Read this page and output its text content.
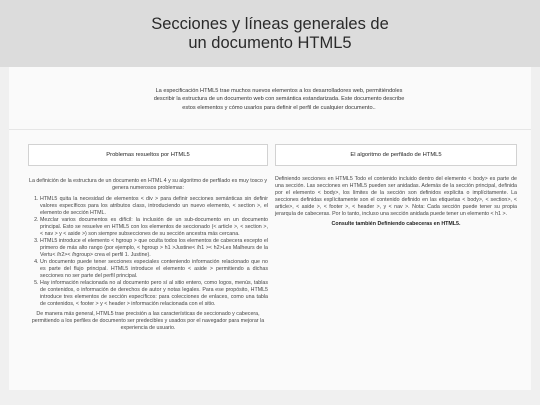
Secciones y líneas generales de un documento HTML5

La especificación HTML5 trae muchos nuevos elementos a los desarrolladores web, permitiéndoles describir la estructura de un documento web con semántica estandarizada. Este documento describe estos elementos y cómo usarlos para definir el perfil de cualquier documento..

Problemas resueltos por HTML5

La definición de la estructura de un documento en HTML 4 y su algoritmo de perfilado es muy tosco y genera numerosos problemas:

1. HTML5 quita la necesidad de elementos < div > para definir secciones semánticas sin definir valores específicos para los atributos class, introduciendo un nuevo elemento, < section >, el elemento de sección HTML.
2. Mezclar varios documentos es difícil: la inclusión de un sub-documento en un documento principal. Esto se resuelve en HTML5 con los elementos de seccionado (< article >, < section >, < nav > y < aside >) son siempre subsecciones de su sección ancestra más cercana.
3. HTML5 introduce el elemento < hgroup > que oculta todos los elementos de cabecera excepto el primero de más alto rango (por ejemplo, < hgroup > h1 >Justine< /h1 >< h2>Les Malheurs de la Vertu< /h2>< /hgroup> crea el perfil 1. Justine).
4. Un documento puede tener secciones especiales conteniendo información relacionado que no es parte del flujo principal. HTML5 introduce el elemento < aside > permitiendo a dichas secciones no ser parte del perfil principal.
5. Hay información relacionada no al documento pero sí al sitio entero, como logos, menús, tablas de contenidos, o información de derechos de autor y notas legales. Para ese propósito, HTML5 introduce tres elementos de sección específicos: para colecciones de enlaces, como una tabla de contenidos, < footer > y < header > información relacionada con el sitio.

De manera más general, HTML5 trae precisión a las características de seccionado y cabecera, permitiendo a los perfiles de documento ser predecibles y usados por el navegador para mejorar la experiencia de usuario.

El algoritmo de perfilado de HTML5

Definiendo secciones en HTML5 Todo el contenido incluido dentro del elemento < body> es parte de una sección. Las secciones en HTML5 pueden ser anidadas. Además de la sección principal, definida por el elemento < body>, los límites de la sección son definidos explícita o implícitamente. La secciones definidas explícitamente son el contenido definido en las etiquetas < body>, < section>, < article>, < aside >, < footer >, < header >, y < nav >. Nota: Cada sección puede tener su propia jerarquía de cabeceras. Por lo tanto, incluso una sección anidada puede tener un elemento < h1 >.

Consulte también Definiendo cabeceras en HTML5.
